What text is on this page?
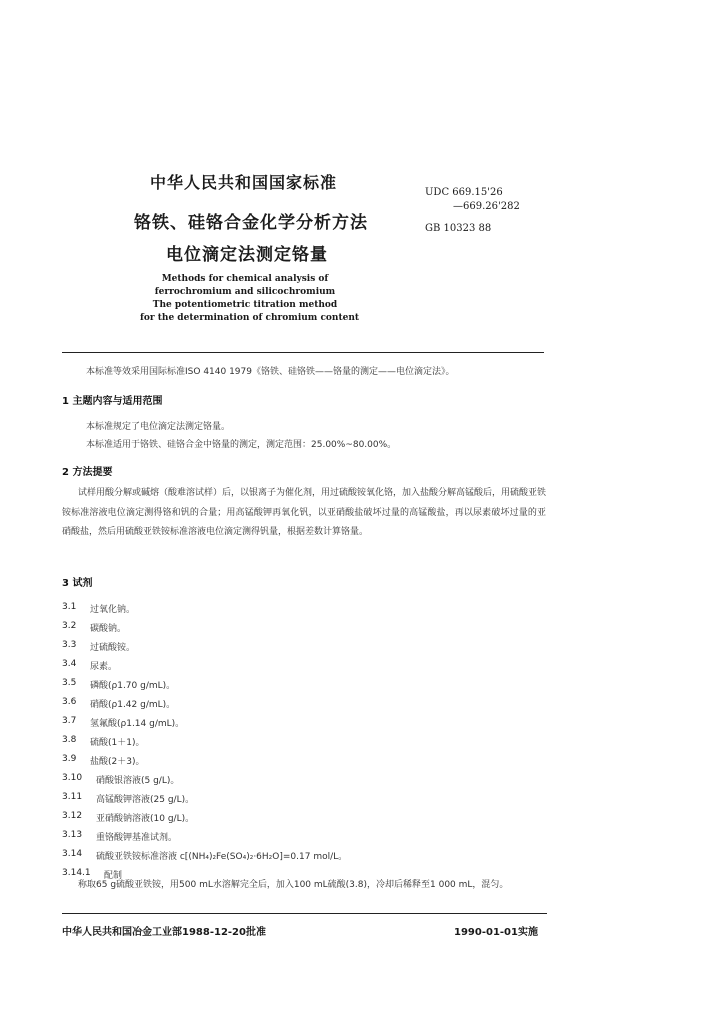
中华人民共和国国家标准
UDC 669.15'26
—669.26'282
GB 10323 88
铬铁、硅铬合金化学分析方法
电位滴定法测定铬量
Methods for chemical analysis of
ferrochromium and silicochromium
The potentiometric titration method
for the determination of chromium content
本标准等效采用国际标准ISO 4140 1979《铬铁、硅铬铁——铬量的测定——电位滴定法》。
1 主题内容与适用范围
本标准规定了电位滴定法测定铬量。
本标准适用于铬铁、硅铬合金中铬量的测定，测定范围：25.00%~80.00%。
2 方法提要
试样用酸分解或碱熔（酸难溶试样）后，以银离子为催化剂，用过硫酸铵氧化铬，加入盐酸分解高锰酸后，用硫酸亚铁铵标准溶液电位滴定测得铬和钒的合量；用高锰酸钾再氧化钒，以亚硝酸盐破坏过量的高锰酸盐，再以尿素破坏过量的亚硝酸盐，然后用硫酸亚铁铵标准溶液电位滴定测得钒量，根据差数计算铬量。
3 试剂
3.1 过氧化钠。
3.2 碳酸钠。
3.3 过硫酸铵。
3.4 尿素。
3.5 磷酸(ρ1.70 g/mL)。
3.6 硝酸(ρ1.42 g/mL)。
3.7 氢氟酸(ρ1.14 g/mL)。
3.8 硫酸(1＋1)。
3.9 盐酸(2＋3)。
3.10 硝酸银溶液(5 g/L)。
3.11 高锰酸钾溶液(25 g/L)。
3.12 亚硝酸钠溶液(10 g/L)。
3.13 重铬酸钾基准试剂。
3.14 硫酸亚铁铵标准溶液 c[(NH₄)₂Fe(SO₄)₂·6H₂O]=0.17 mol/L。
3.14.1 配制
称取65 g硫酸亚铁铵，用500 mL水溶解完全后，加入100 mL硫酸(3.8)，冷却后稀释至1 000 mL，混匀。
中华人民共和国冶金工业部1988-12-20批准	1990-01-01实施
